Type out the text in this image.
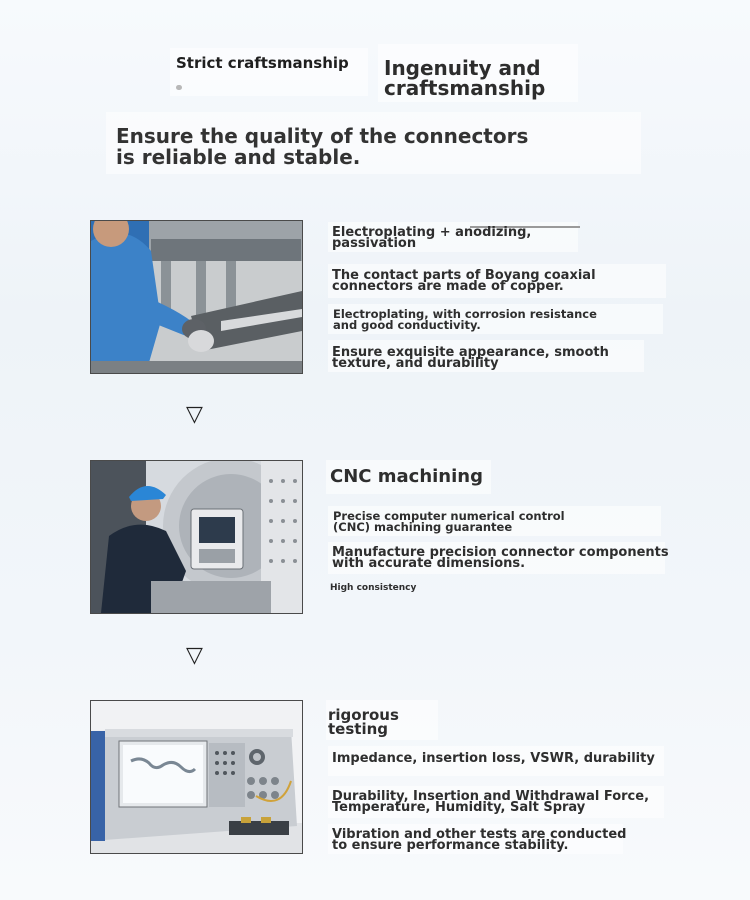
Strict craftsmanship Ingenuity and
craftsmanship
Ensure the quality of the connectors
is reliable and stable.
Electroplating + anodizing,
passivation
The contact parts of Boyang coaxial
connectors are made of copper.
Electroplating, with corrosion resistance
and good conductivity.
Ensure exquisite appearance, smooth
texture, and durability
▽
CNC machining
Precise computer numerical control
(CNC) machining guarantee
Manufacture precision connector components
with accurate dimensions.
High consistency
▽
rigorous
testing
Impedance, insertion loss, VSWR, durability
Durability, Insertion and Withdrawal Force,
Temperature, Humidity, Salt Spray
Vibration and other tests are conducted
to ensure performance stability.
